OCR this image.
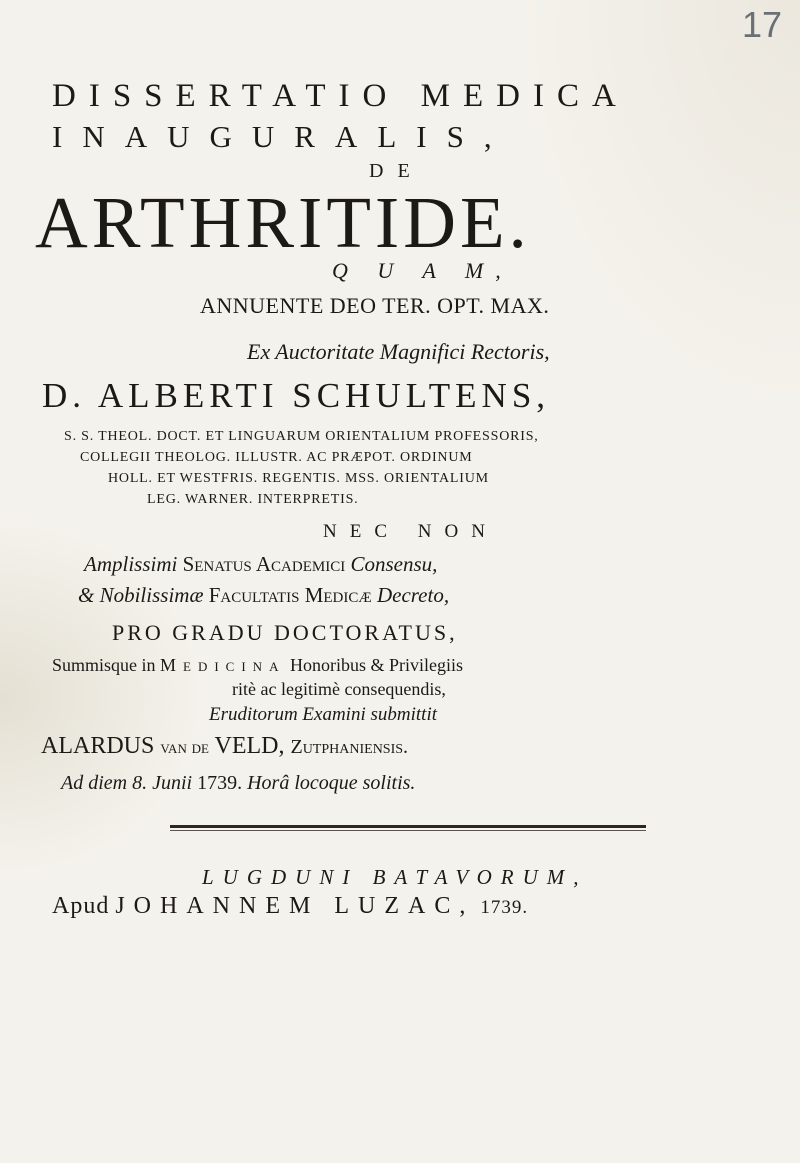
17
DISSERTATIO MEDICA
INAUGURALIS,
DE
ARTHRITIDE.
Q U A M,
ANNUENTE DEO TER. OPT. MAX.
Ex Auctoritate Magnifici Rectoris,
D. ALBERTI SCHULTENS,
S. S. THEOL. DOCT. ET LINGUARUM ORIENTALIUM PROFESSORIS,
COLLEGII THEOLOG. ILLUSTR. AC PRÆPOT. ORDINUM
HOLL. ET WESTFRIS. REGENTIS. MSS. ORIENTALIUM
LEG. WARNER. INTERPRETIS.
NEC NON
Amplissimi Senatus Academici Consensu,
& Nobilissimæ Facultatis Medicæ Decreto,
PRO GRADU DOCTORATUS,
Summisque in Medicina Honoribus & Privilegiis
ritè ac legitimè consequendis,
Eruditorum Examini submittit
ALARDUS van de VELD, Zutphaniensis.
Ad diem 8. Junii 1739. Horâ locoque solitis.
LUGDUNI BATAVORUM,
Apud JOHANNEM LUZAC, 1739.
